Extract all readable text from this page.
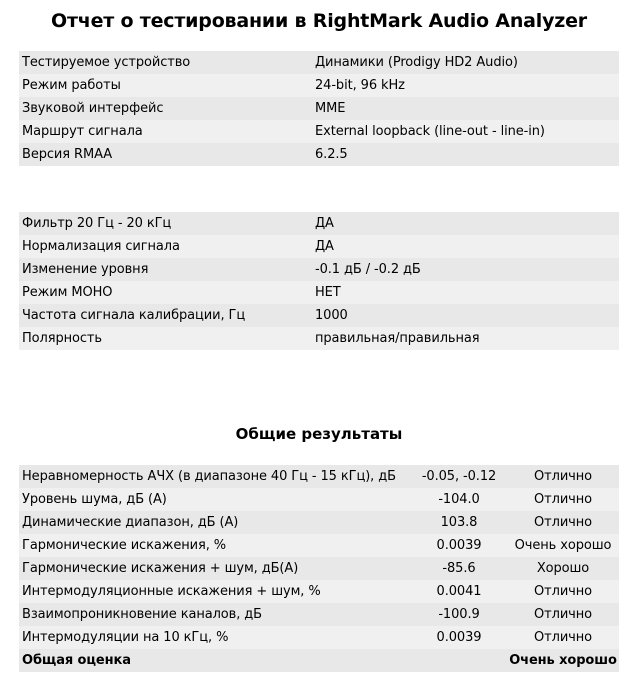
Отчет о тестировании в RightMark Audio Analyzer
Тестируемое устройство	Динамики (Prodigy HD2 Audio)
Режим работы	24-bit, 96 kHz
Звуковой интерфейс	MME
Маршрут сигнала	External loopback (line-out - line-in)
Версия RMAA	6.2.5
Фильтр 20 Гц - 20 кГц	ДА
Нормализация сигнала	ДА
Изменение уровня	-0.1 дБ / -0.2 дБ
Режим МОНО	НЕТ
Частота сигнала калибрации, Гц	1000
Полярность	правильная/правильная
Общие результаты
Неравномерность АЧХ (в диапазоне 40 Гц - 15 кГц), дБ	-0.05, -0.12	Отлично
Уровень шума, дБ (А)	-104.0	Отлично
Динамические диапазон, дБ (А)	103.8	Отлично
Гармонические искажения, %	0.0039	Очень хорошо
Гармонические искажения + шум, дБ(A)	-85.6	Хорошо
Интермодуляционные искажения + шум, %	0.0041	Отлично
Взаимопроникновение каналов, дБ	-100.9	Отлично
Интермодуляции на 10 кГц, %	0.0039	Отлично
Общая оценка		Очень хорошо
